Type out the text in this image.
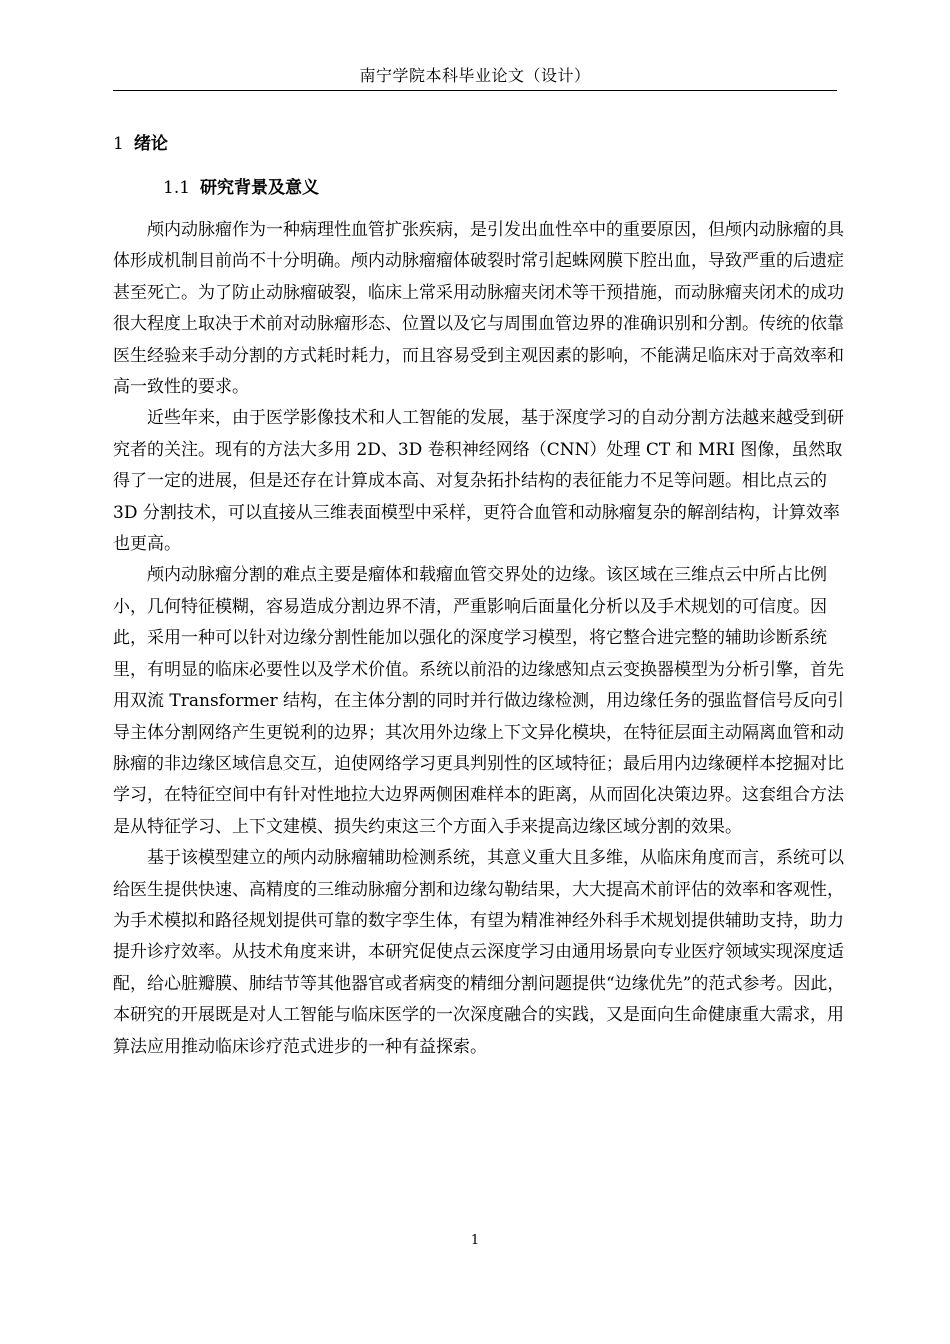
南宁学院本科毕业论文（设计）
1 绪论
1.1 研究背景及意义

颅内动脉瘤作为一种病理性血管扩张疾病，是引发出血性卒中的重要原因，但颅内动脉瘤的具体形成机制目前尚不十分明确。颅内动脉瘤瘤体破裂时常引起蛛网膜下腔出血，导致严重的后遗症甚至死亡。为了防止动脉瘤破裂，临床上常采用动脉瘤夹闭术等干预措施，而动脉瘤夹闭术的成功很大程度上取决于术前对动脉瘤形态、位置以及它与周围血管边界的准确识别和分割。传统的依靠医生经验来手动分割的方式耗时耗力，而且容易受到主观因素的影响，不能满足临床对于高效率和高一致性的要求。

近些年来，由于医学影像技术和人工智能的发展，基于深度学习的自动分割方法越来越受到研究者的关注。现有的方法大多用 2D、3D 卷积神经网络（CNN）处理 CT 和 MRI 图像，虽然取得了一定的进展，但是还存在计算成本高、对复杂拓扑结构的表征能力不足等问题。相比点云的 3D 分割技术，可以直接从三维表面模型中采样，更符合血管和动脉瘤复杂的解剖结构，计算效率也更高。

颅内动脉瘤分割的难点主要是瘤体和载瘤血管交界处的边缘。该区域在三维点云中所占比例小，几何特征模糊，容易造成分割边界不清，严重影响后面量化分析以及手术规划的可信度。因此，采用一种可以针对边缘分割性能加以强化的深度学习模型，将它整合进完整的辅助诊断系统里，有明显的临床必要性以及学术价值。系统以前沿的边缘感知点云变换器模型为分析引擎，首先用双流 Transformer 结构，在主体分割的同时并行做边缘检测，用边缘任务的强监督信号反向引导主体分割网络产生更锐利的边界；其次用外边缘上下文异化模块，在特征层面主动隔离血管和动脉瘤的非边缘区域信息交互，迫使网络学习更具判别性的区域特征；最后用内边缘硬样本挖掘对比学习，在特征空间中有针对性地拉大边界两侧困难样本的距离，从而固化决策边界。这套组合方法是从特征学习、上下文建模、损失约束这三个方面入手来提高边缘区域分割的效果。

基于该模型建立的颅内动脉瘤辅助检测系统，其意义重大且多维，从临床角度而言，系统可以给医生提供快速、高精度的三维动脉瘤分割和边缘勾勒结果，大大提高术前评估的效率和客观性，为手术模拟和路径规划提供可靠的数字孪生体，有望为精准神经外科手术规划提供辅助支持，助力提升诊疗效率。从技术角度来讲，本研究促使点云深度学习由通用场景向专业医疗领域实现深度适配，给心脏瓣膜、肺结节等其他器官或者病变的精细分割问题提供“边缘优先”的范式参考。因此，本研究的开展既是对人工智能与临床医学的一次深度融合的实践，又是面向生命健康重大需求，用算法应用推动临床诊疗范式进步的一种有益探索。

1
